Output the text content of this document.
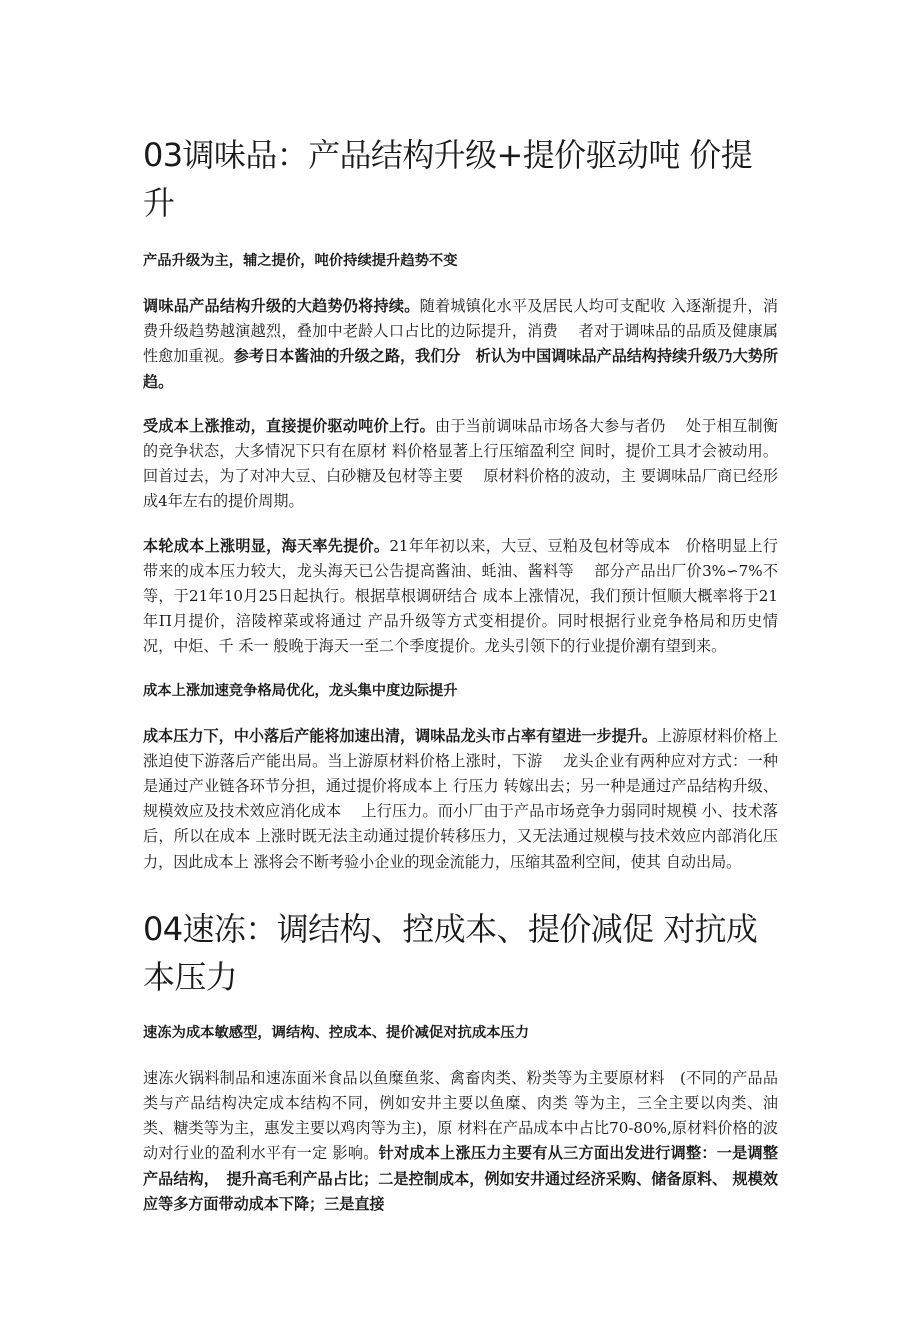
03调味品：产品结构升级+提价驱动吨 价提升
产品升级为主，辅之提价，吨价持续提升趋势不变

调味品产品结构升级的大趋势仍将持续。随着城镇化水平及居民人均可支配收 入逐渐提升，消费升级趋势越演越烈，叠加中老龄人口占比的边际提升，消费　 者对于调味品的品质及健康属性愈加重视。参考日本酱油的升级之路，我们分　析认为中国调味品产品结构持续升级乃大势所趋。

受成本上涨推动，直接提价驱动吨价上行。由于当前调味品市场各大参与者仍　 处于相互制衡的竞争状态，大多情况下只有在原材 料价格显著上行压缩盈利空 间时，提价工具才会被动用。回首过去，为了对冲大豆、白砂糖及包材等主要　 原材料价格的波动，主 要调味品厂商已经形成4年左右的提价周期。

本轮成本上涨明显，海天率先提价。21年年初以来，大豆、豆粕及包材等成本　价格明显上行带来的成本压力较大，龙头海天已公告提高酱油、蚝油、酱料等　 部分产品出厂价3%∽7%不等，于21年10月25日起执行。根据草根调研结合 成本上涨情况，我们预计恒顺大概率将于21年Π月提价，涪陵榨菜或将通过 产品升级等方式变相提价。同时根据行业竞争格局和历史情况，中炬、千 禾一 般晚于海天一至二个季度提价。龙头引领下的行业提价潮有望到来。

成本上涨加速竞争格局优化，龙头集中度边际提升

成本压力下，中小落后产能将加速出清，调味品龙头市占率有望进一步提升。上游原材料价格上涨迫使下游落后产能出局。当上游原材料价格上涨时，下游　 龙头企业有两种应对方式：一种是通过产业链各环节分担，通过提价将成本上 行压力 转嫁出去；另一种是通过产品结构升级、规模效应及技术效应消化成本　 上行压力。而小厂由于产品市场竞争力弱同时规模 小、技术落后，所以在成本 上涨时既无法主动通过提价转移压力，又无法通过规模与技术效应内部消化压 力，因此成本上 涨将会不断考验小企业的现金流能力，压缩其盈利空间，使其 自动出局。

04速冻：调结构、控成本、提价减促 对抗成本压力
速冻为成本敏感型，调结构、控成本、提价减促对抗成本压力

速冻火锅料制品和速冻面米食品以鱼糜鱼浆、禽畜肉类、粉类等为主要原材料　(不同的产品品类与产品结构决定成本结构不同，例如安井主要以鱼糜、肉类 等为主，三全主要以肉类、油类、糖类等为主，惠发主要以鸡肉等为主)，原 材料在产品成本中占比70-80%,原材料价格的波动对行业的盈利水平有一定 影响。针对成本上涨压力主要有从三方面出发进行调整：一是调整产品结构，　提升高毛利产品占比；二是控制成本，例如安井通过经济采购、储备原料、 规模效应等多方面带动成本下降；三是直接
